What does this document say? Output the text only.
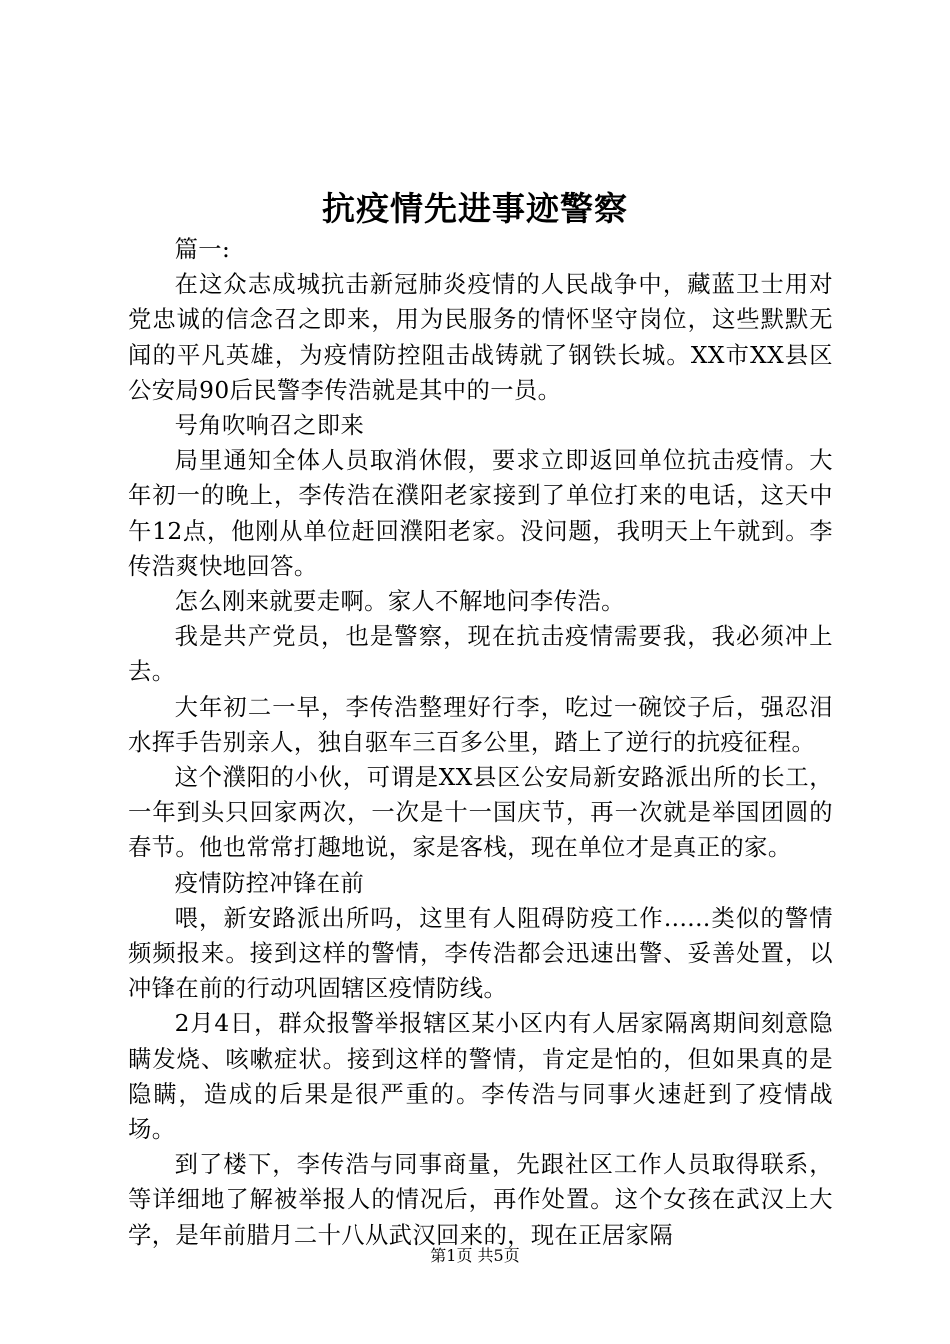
抗疫情先进事迹警察

篇一:

在这众志成城抗击新冠肺炎疫情的人民战争中，藏蓝卫士用对党忠诚的信念召之即来，用为民服务的情怀坚守岗位，这些默默无闻的平凡英雄，为疫情防控阻击战铸就了钢铁长城。XX市XX县区公安局90后民警李传浩就是其中的一员。

号角吹响召之即来

局里通知全体人员取消休假，要求立即返回单位抗击疫情。大年初一的晚上，李传浩在濮阳老家接到了单位打来的电话，这天中午12点，他刚从单位赶回濮阳老家。没问题，我明天上午就到。李传浩爽快地回答。

怎么刚来就要走啊。家人不解地问李传浩。

我是共产党员，也是警察，现在抗击疫情需要我，我必须冲上去。

大年初二一早，李传浩整理好行李，吃过一碗饺子后，强忍泪水挥手告别亲人，独自驱车三百多公里，踏上了逆行的抗疫征程。

这个濮阳的小伙，可谓是XX县区公安局新安路派出所的长工，一年到头只回家两次，一次是十一国庆节，再一次就是举国团圆的春节。他也常常打趣地说，家是客栈，现在单位才是真正的家。

疫情防控冲锋在前

喂，新安路派出所吗，这里有人阻碍防疫工作......类似的警情频频报来。接到这样的警情，李传浩都会迅速出警、妥善处置，以冲锋在前的行动巩固辖区疫情防线。

2月4日，群众报警举报辖区某小区内有人居家隔离期间刻意隐瞒发烧、咳嗽症状。接到这样的警情，肯定是怕的，但如果真的是隐瞒，造成的后果是很严重的。李传浩与同事火速赶到了疫情战场。

到了楼下，李传浩与同事商量，先跟社区工作人员取得联系，等详细地了解被举报人的情况后，再作处置。这个女孩在武汉上大学，是年前腊月二十八从武汉回来的，现在正居家隔

第1页 共5页
